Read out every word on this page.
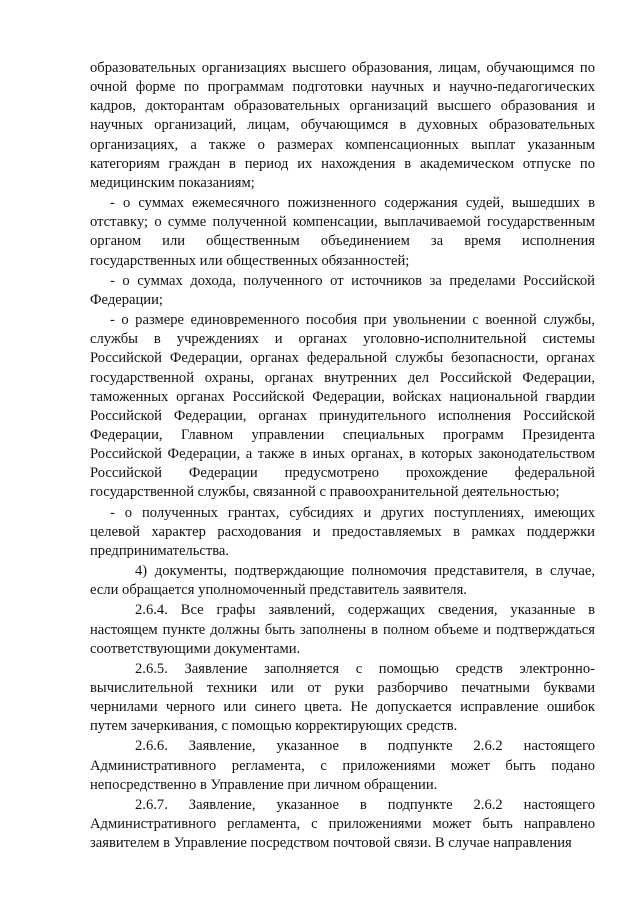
образовательных организациях высшего образования, лицам, обучающимся по очной форме по программам подготовки научных и научно-педагогических кадров, докторантам образовательных организаций высшего образования и научных организаций, лицам, обучающимся в духовных образовательных организациях, а также о размерах компенсационных выплат указанным категориям граждан в период их нахождения в академическом отпуске по медицинским показаниям;

- о суммах ежемесячного пожизненного содержания судей, вышедших в отставку; о сумме полученной компенсации, выплачиваемой государственным органом или общественным объединением за время исполнения государственных или общественных обязанностей;

- о суммах дохода, полученного от источников за пределами Российской Федерации;

- о размере единовременного пособия при увольнении с военной службы, службы в учреждениях и органах уголовно-исполнительной системы Российской Федерации, органах федеральной службы безопасности, органах государственной охраны, органах внутренних дел Российской Федерации, таможенных органах Российской Федерации, войсках национальной гвардии Российской Федерации, органах принудительного исполнения Российской Федерации, Главном управлении специальных программ Президента Российской Федерации, а также в иных органах, в которых законодательством Российской Федерации предусмотрено прохождение федеральной государственной службы, связанной с правоохранительной деятельностью;

- о полученных грантах, субсидиях и других поступлениях, имеющих целевой характер расходования и предоставляемых в рамках поддержки предпринимательства.

4) документы, подтверждающие полномочия представителя, в случае, если обращается уполномоченный представитель заявителя.

2.6.4. Все графы заявлений, содержащих сведения, указанные в настоящем пункте должны быть заполнены в полном объеме и подтверждаться соответствующими документами.

2.6.5. Заявление заполняется с помощью средств электронно-вычислительной техники или от руки разборчиво печатными буквами чернилами черного или синего цвета. Не допускается исправление ошибок путем зачеркивания, с помощью корректирующих средств.

2.6.6. Заявление, указанное в подпункте 2.6.2 настоящего Административного регламента, с приложениями может быть подано непосредственно в Управление при личном обращении.

2.6.7. Заявление, указанное в подпункте 2.6.2 настоящего Административного регламента, с приложениями может быть направлено заявителем в Управление посредством почтовой связи. В случае направления
